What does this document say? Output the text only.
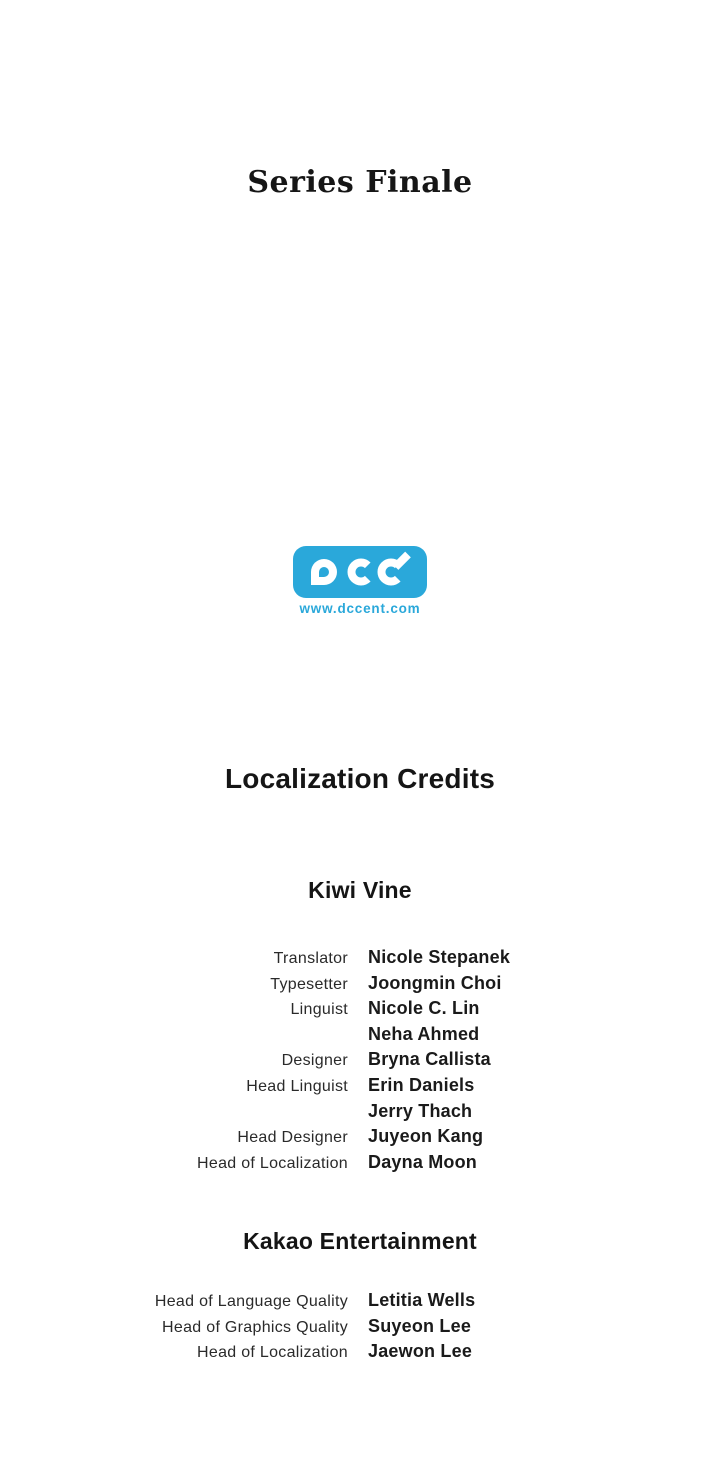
Series Finale
www.dccent.com
Localization Credits
Kiwi Vine
Translator Nicole Stepanek
Typesetter Joongmin Choi
Linguist Nicole C. Lin
Neha Ahmed
Designer Bryna Callista
Head Linguist Erin Daniels
Jerry Thach
Head Designer Juyeon Kang
Head of Localization Dayna Moon
Kakao Entertainment
Head of Language Quality Letitia Wells
Head of Graphics Quality Suyeon Lee
Head of Localization Jaewon Lee
